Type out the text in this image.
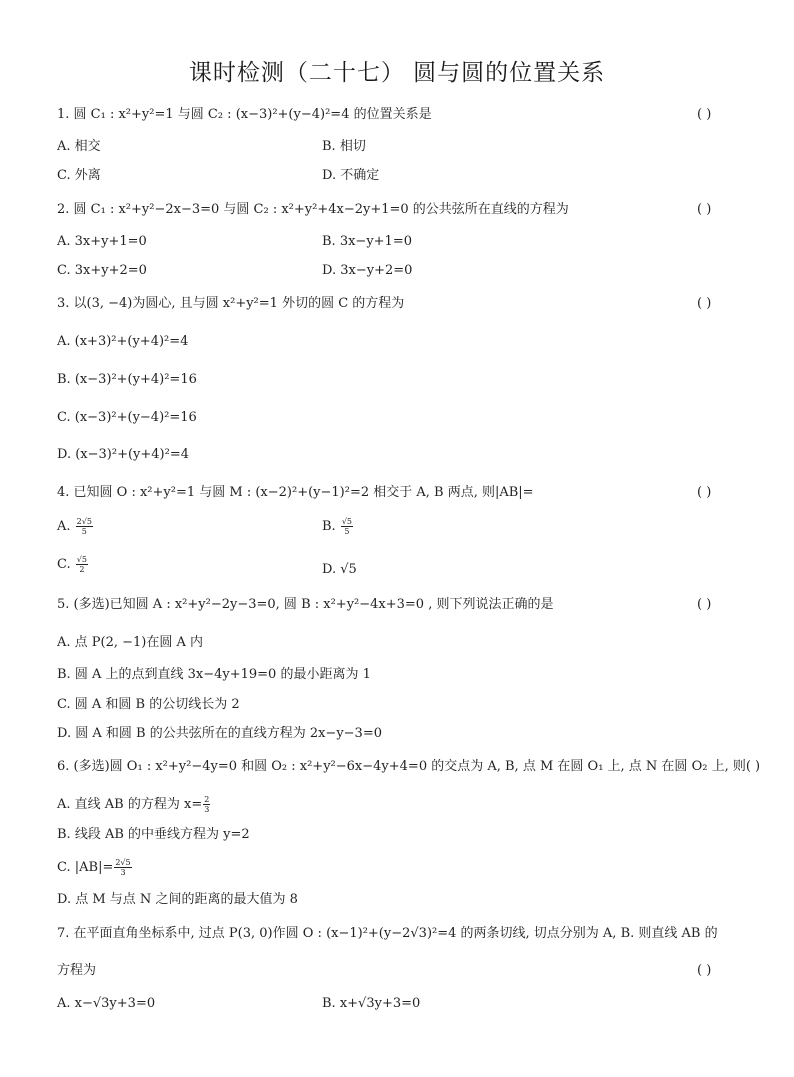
课时检测（二十七） 圆与圆的位置关系
1. 圆 C₁ : x²+y²=1 与圆 C₂ : (x−3)²+(y−4)²=4 的位置关系是	( )
A. 相交	B. 相切
C. 外离	D. 不确定
2. 圆 C₁ : x²+y²−2x−3=0 与圆 C₂ : x²+y²+4x−2y+1=0 的公共弦所在直线的方程为	( )
A. 3x+y+1=0	B. 3x−y+1=0
C. 3x+y+2=0	D. 3x−y+2=0
3. 以(3, −4)为圆心, 且与圆 x²+y²=1 外切的圆 C 的方程为	( )
A. (x+3)²+(y+4)²=4
B. (x−3)²+(y+4)²=16
C. (x−3)²+(y−4)²=16
D. (x−3)²+(y+4)²=4
4. 已知圆 O : x²+y²=1 与圆 M : (x−2)²+(y−1)²=2 相交于 A, B 两点, 则|AB|=	( )
A. $\frac{2√5}{5}$	B. $\frac{√5}{5}$
C. $\frac{√5}{2}$	D. √5
5. (多选)已知圆 A : x²+y²−2y−3=0, 圆 B : x²+y²−4x+3=0 , 则下列说法正确的是	( )
A. 点 P(2, −1)在圆 A 内
B. 圆 A 上的点到直线 3x−4y+19=0 的最小距离为 1
C. 圆 A 和圆 B 的公切线长为 2
D. 圆 A 和圆 B 的公共弦所在的直线方程为 2x−y−3=0
6. (多选)圆 O₁ : x²+y²−4y=0 和圆 O₂ : x²+y²−6x−4y+4=0 的交点为 A, B, 点 M 在圆 O₁ 上, 点 N 在圆 O₂ 上, 则( )
A. 直线 AB 的方程为 $x= \frac{2}{3}$
B. 线段 AB 的中垂线方程为 y=2
C. $|AB|= \frac{2√5}{3}$
D. 点 M 与点 N 之间的距离的最大值为 8
7. 在平面直角坐标系中, 过点 P(3, 0)作圆 O : (x−1)²+(y−2√3)²=4 的两条切线, 切点分别为 A, B. 则直线 AB 的
方程为	( )
A. x−√3y+3=0	B. x+√3y+3=0
